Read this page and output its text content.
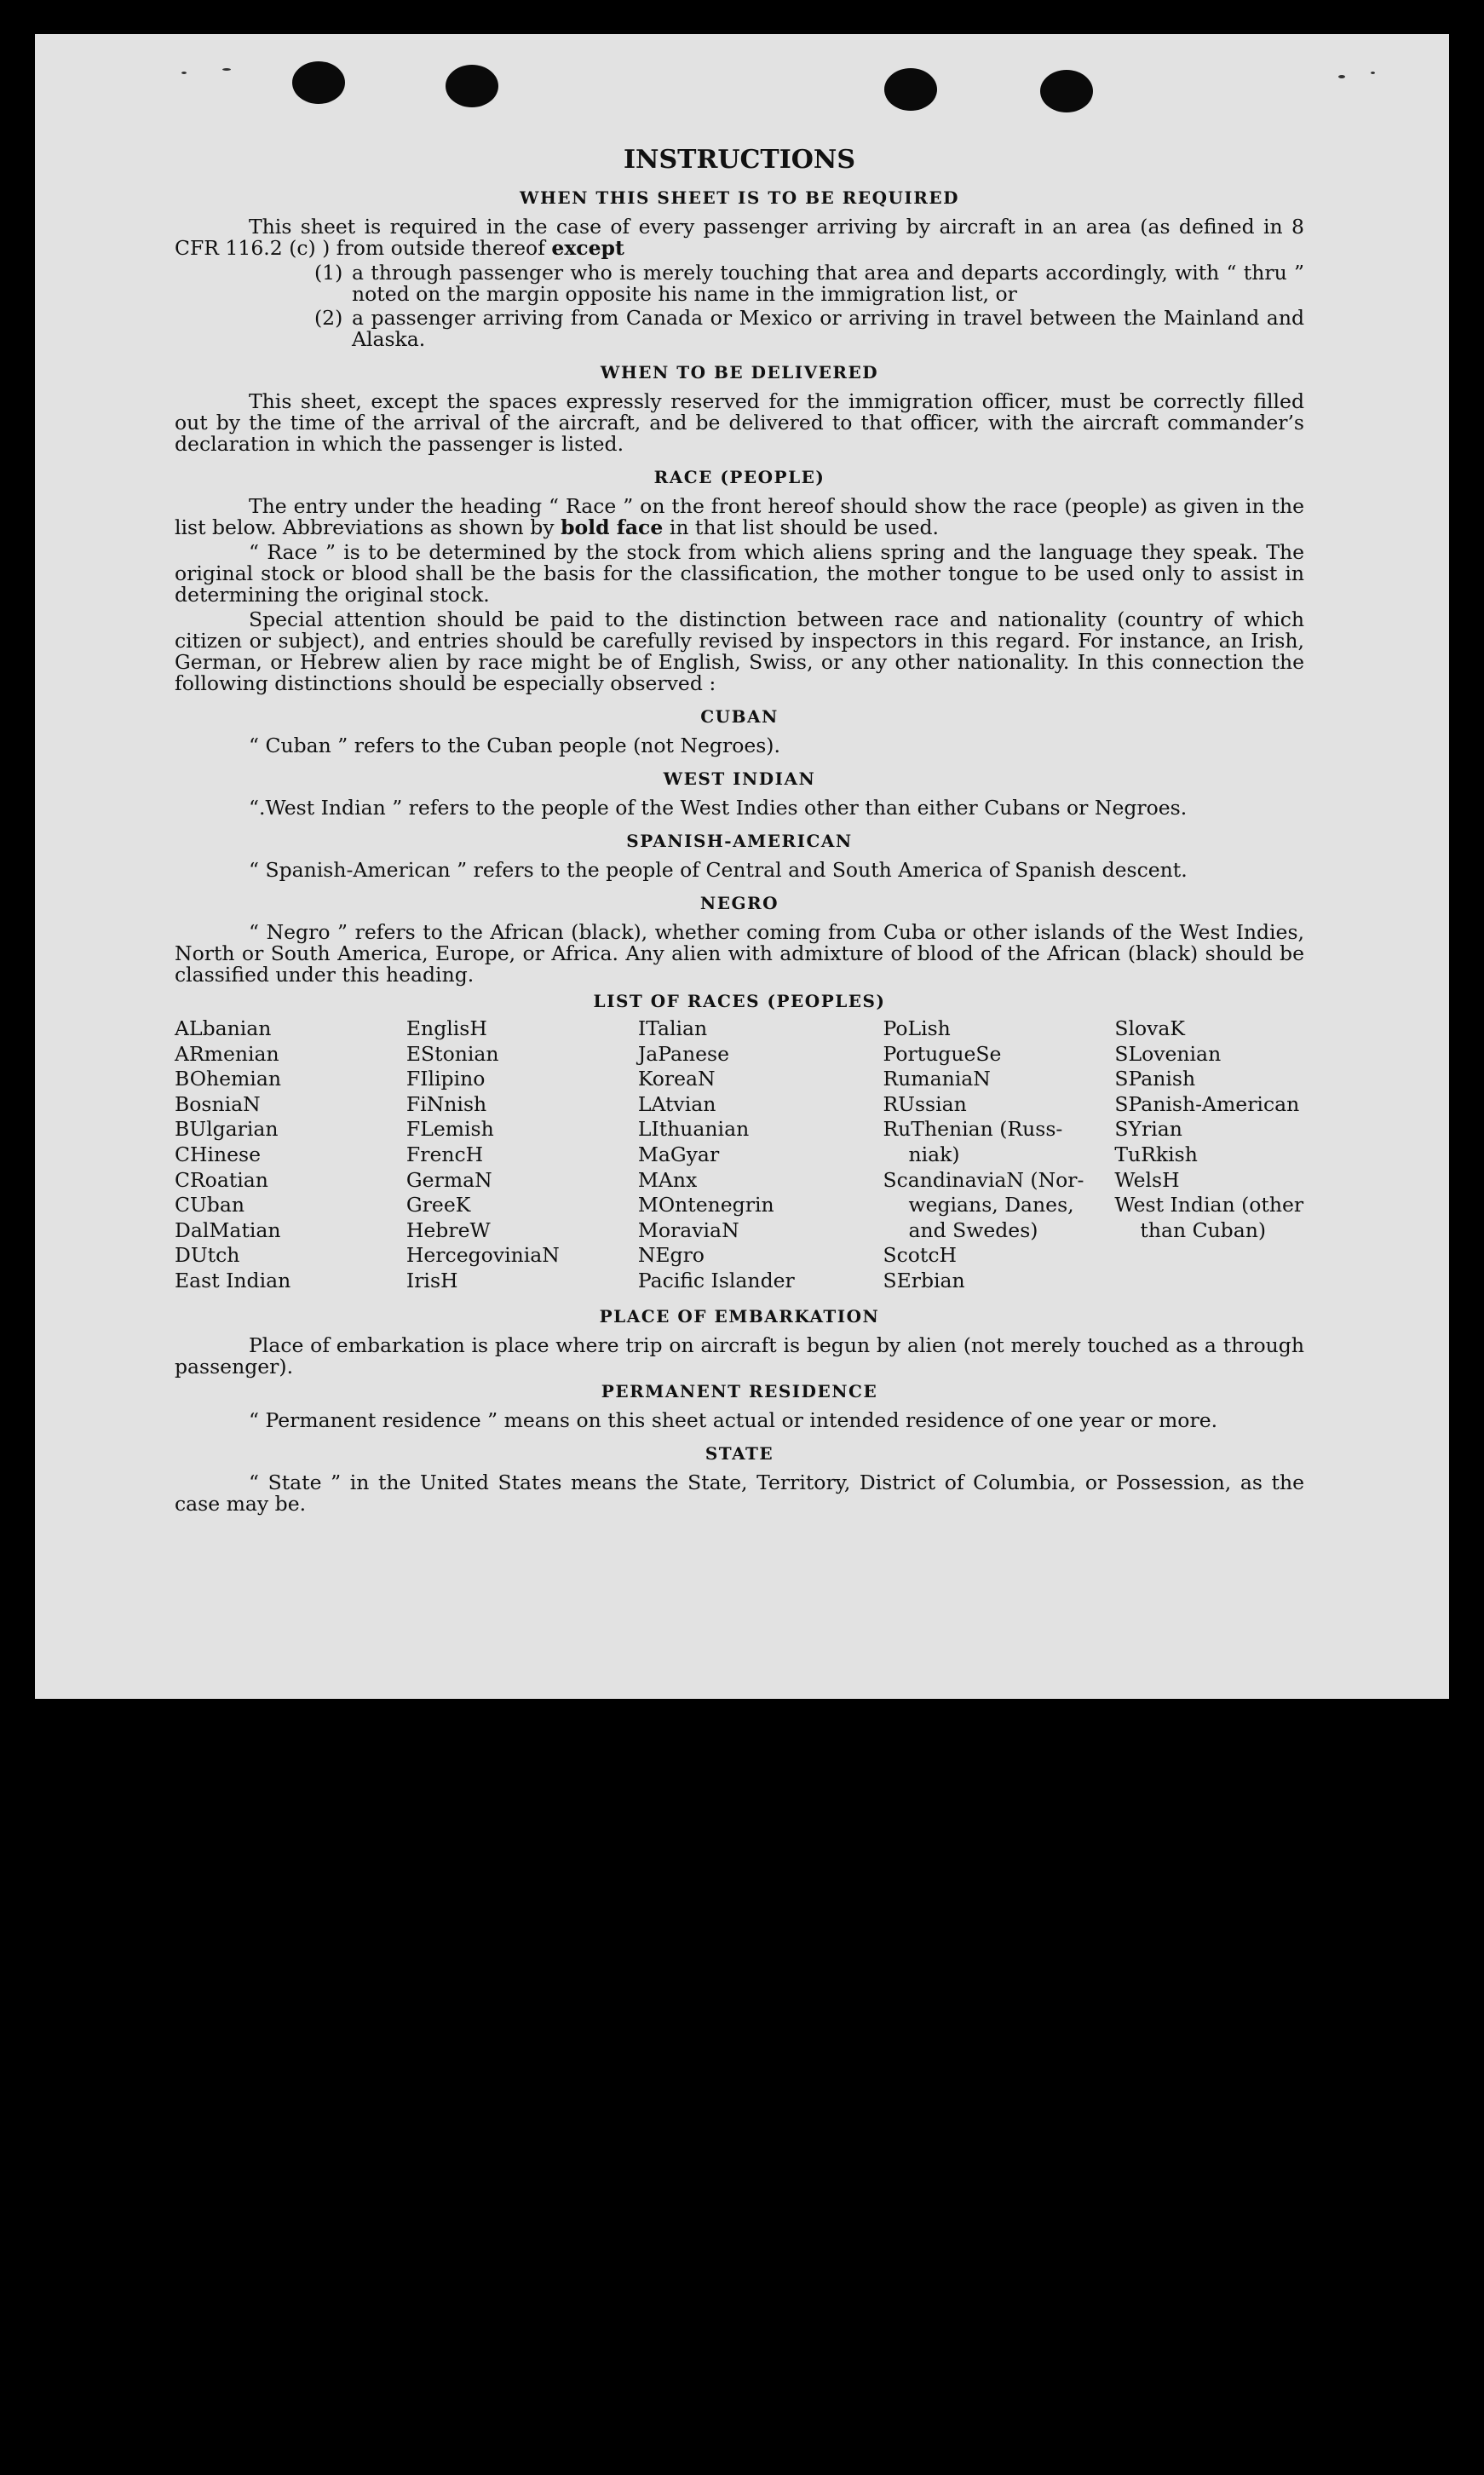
INSTRUCTIONS
WHEN THIS SHEET IS TO BE REQUIRED

This sheet is required in the case of every passenger arriving by aircraft in an area (as defined in 8 CFR 116.2 (c) ) from outside thereof except

(1) a through passenger who is merely touching that area and departs accordingly, with “ thru ” noted on the margin opposite his name in the immigration list, or
(2) a passenger arriving from Canada or Mexico or arriving in travel between the Mainland and Alaska.
WHEN TO BE DELIVERED

This sheet, except the spaces expressly reserved for the immigration officer, must be correctly filled out by the time of the arrival of the aircraft, and be delivered to that officer, with the aircraft commander’s declaration in which the passenger is listed.

RACE (PEOPLE)

The entry under the heading “ Race ” on the front hereof should show the race (people) as given in the list below. Abbreviations as shown by bold face in that list should be used.

“ Race ” is to be determined by the stock from which aliens spring and the language they speak. The original stock or blood shall be the basis for the classification, the mother tongue to be used only to assist in determining the original stock.

Special attention should be paid to the distinction between race and nationality (country of which citizen or subject), and entries should be carefully revised by inspectors in this regard. For instance, an Irish, German, or Hebrew alien by race might be of English, Swiss, or any other nationality. In this connection the following distinctions should be especially observed :

CUBAN

“ Cuban ” refers to the Cuban people (not Negroes).

WEST INDIAN

“.West Indian ” refers to the people of the West Indies other than either Cubans or Negroes.

SPANISH-AMERICAN

“ Spanish-American ” refers to the people of Central and South America of Spanish descent.

NEGRO

“ Negro ” refers to the African (black), whether coming from Cuba or other islands of the West Indies, North or South America, Europe, or Africa. Any alien with admixture of blood of the African (black) should be classified under this heading.

LIST OF RACES (PEOPLES)
ALbanian
ARmenian
BOhemian
BosniaN
BUlgarian
CHinese
CRoatian
CUban
DalMatian
DUtch
East Indian
EnglisH
EStonian
FIlipino
FiNnish
FLemish
FrencH
GermaN
GreeK
HebreW
HercegoviniaN
IrisH
ITalian
JaPanese
KoreaN
LAtvian
LIthuanian
MaGyar
MAnx
MOntenegrin
MoraviaN
NEgro
Pacific Islander
PoLish
PortugueSe
RumaniaN
RUssian
RuThenian (Russ-
niak)
ScandinaviaN (Nor-
wegians, Danes,
and Swedes)
ScotcH
SErbian
SlovaK
SLovenian
SPanish
SPanish-American
SYrian
TuRkish
WelsH
West Indian (other
than Cuban)
PLACE OF EMBARKATION

Place of embarkation is place where trip on aircraft is begun by alien (not merely touched as a through passenger).

PERMANENT RESIDENCE

“ Permanent residence ” means on this sheet actual or intended residence of one year or more.

STATE

“ State ” in the United States means the State, Territory, District of Columbia, or Possession, as the case may be.
